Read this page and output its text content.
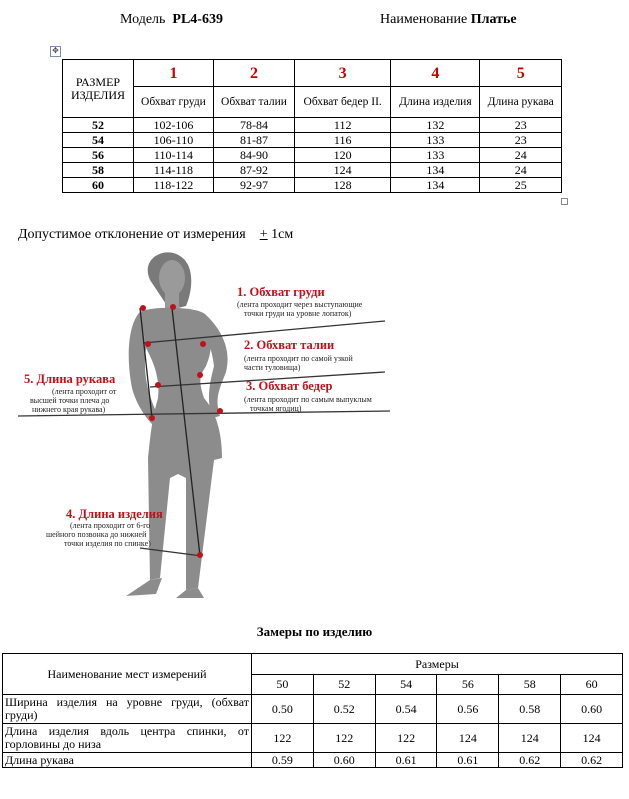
Модель PL4-639	Наименование Платье
✥
РАЗМЕР ИЗДЕЛИЯ	1	2	3	4	5
	Обхват груди	Обхват талии	Обхват бедер II.	Длина изделия	Длина рукава
52	102-106	78-84	112	132	23
54	106-110	81-87	116	133	23
56	110-114	84-90	120	133	24
58	114-118	87-92	124	134	24
60	118-122	92-97	128	134	25
Допустимое отклонение от измерения + 1см
1. Обхват груди
(лента проходит через выступающие
точки груди на уровне лопаток)
2. Обхват талии
(лента проходит по самой узкой
части туловища)
3. Обхват бедер
(лента проходит по самым выпуклым
точкам ягодиц)
4. Длина изделия
(лента проходит от 6-го
шейного позвонка до нижней
точки изделия по спинке)
5. Длина рукава
(лента проходит от
высшей точки плеча до
нижнего края рукава)
Замеры по изделию
Наименование мест измерений	Размеры					
	50	52	54	56	58	60
Ширина изделия на уровне груди, (обхват груди)	0.50	0.52	0.54	0.56	0.58	0.60
Длина изделия вдоль центра спинки, от горловины до низа	122	122	122	124	124	124
Длина рукава	0.59	0.60	0.61	0.61	0.62	0.62
